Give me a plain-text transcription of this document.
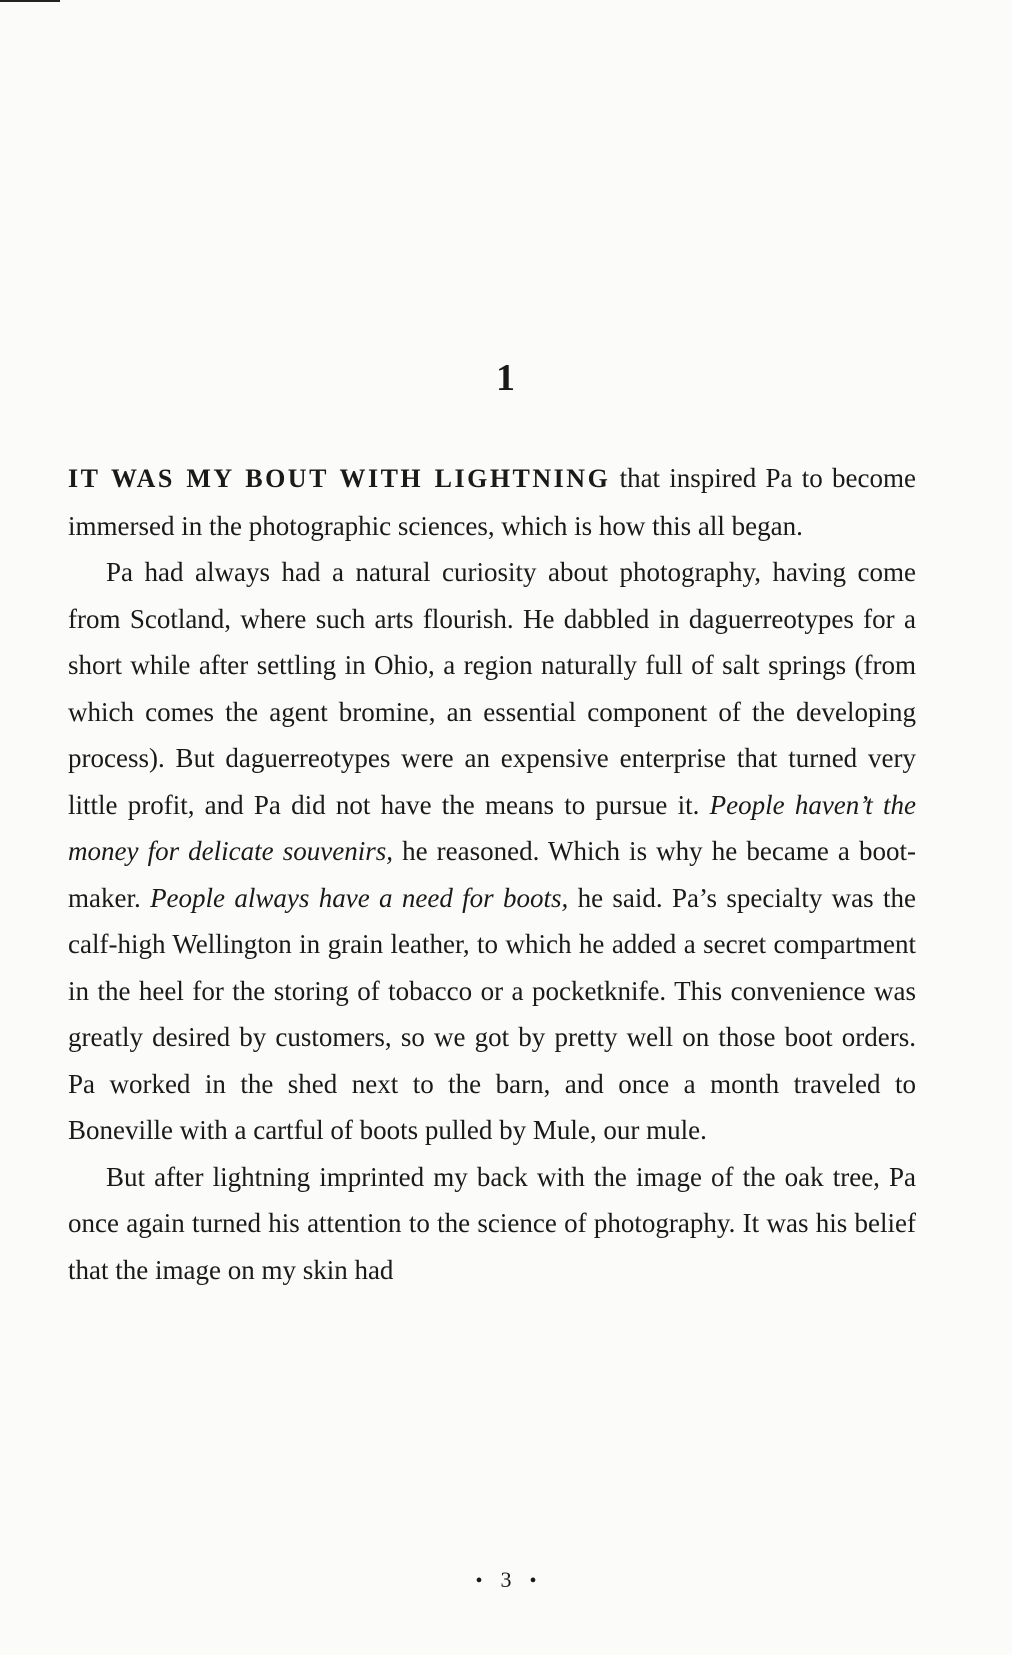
1

IT WAS MY BOUT WITH LIGHTNING that inspired Pa to become immersed in the photographic sciences, which is how this all began.

Pa had always had a natural curiosity about photography, having come from Scotland, where such arts flourish. He dabbled in daguerreotypes for a short while after settling in Ohio, a region naturally full of salt springs (from which comes the agent bromine, an essential component of the developing process). But daguerreotypes were an expensive enterprise that turned very little profit, and Pa did not have the means to pursue it. People haven’t the money for delicate souvenirs, he reasoned. Which is why he became a boot-maker. People always have a need for boots, he said. Pa’s specialty was the calf-high Wellington in grain leather, to which he added a secret compartment in the heel for the storing of tobacco or a pocketknife. This convenience was greatly desired by customers, so we got by pretty well on those boot orders. Pa worked in the shed next to the barn, and once a month traveled to Boneville with a cartful of boots pulled by Mule, our mule.

But after lightning imprinted my back with the image of the oak tree, Pa once again turned his attention to the science of photography. It was his belief that the image on my skin had

• 3 •
